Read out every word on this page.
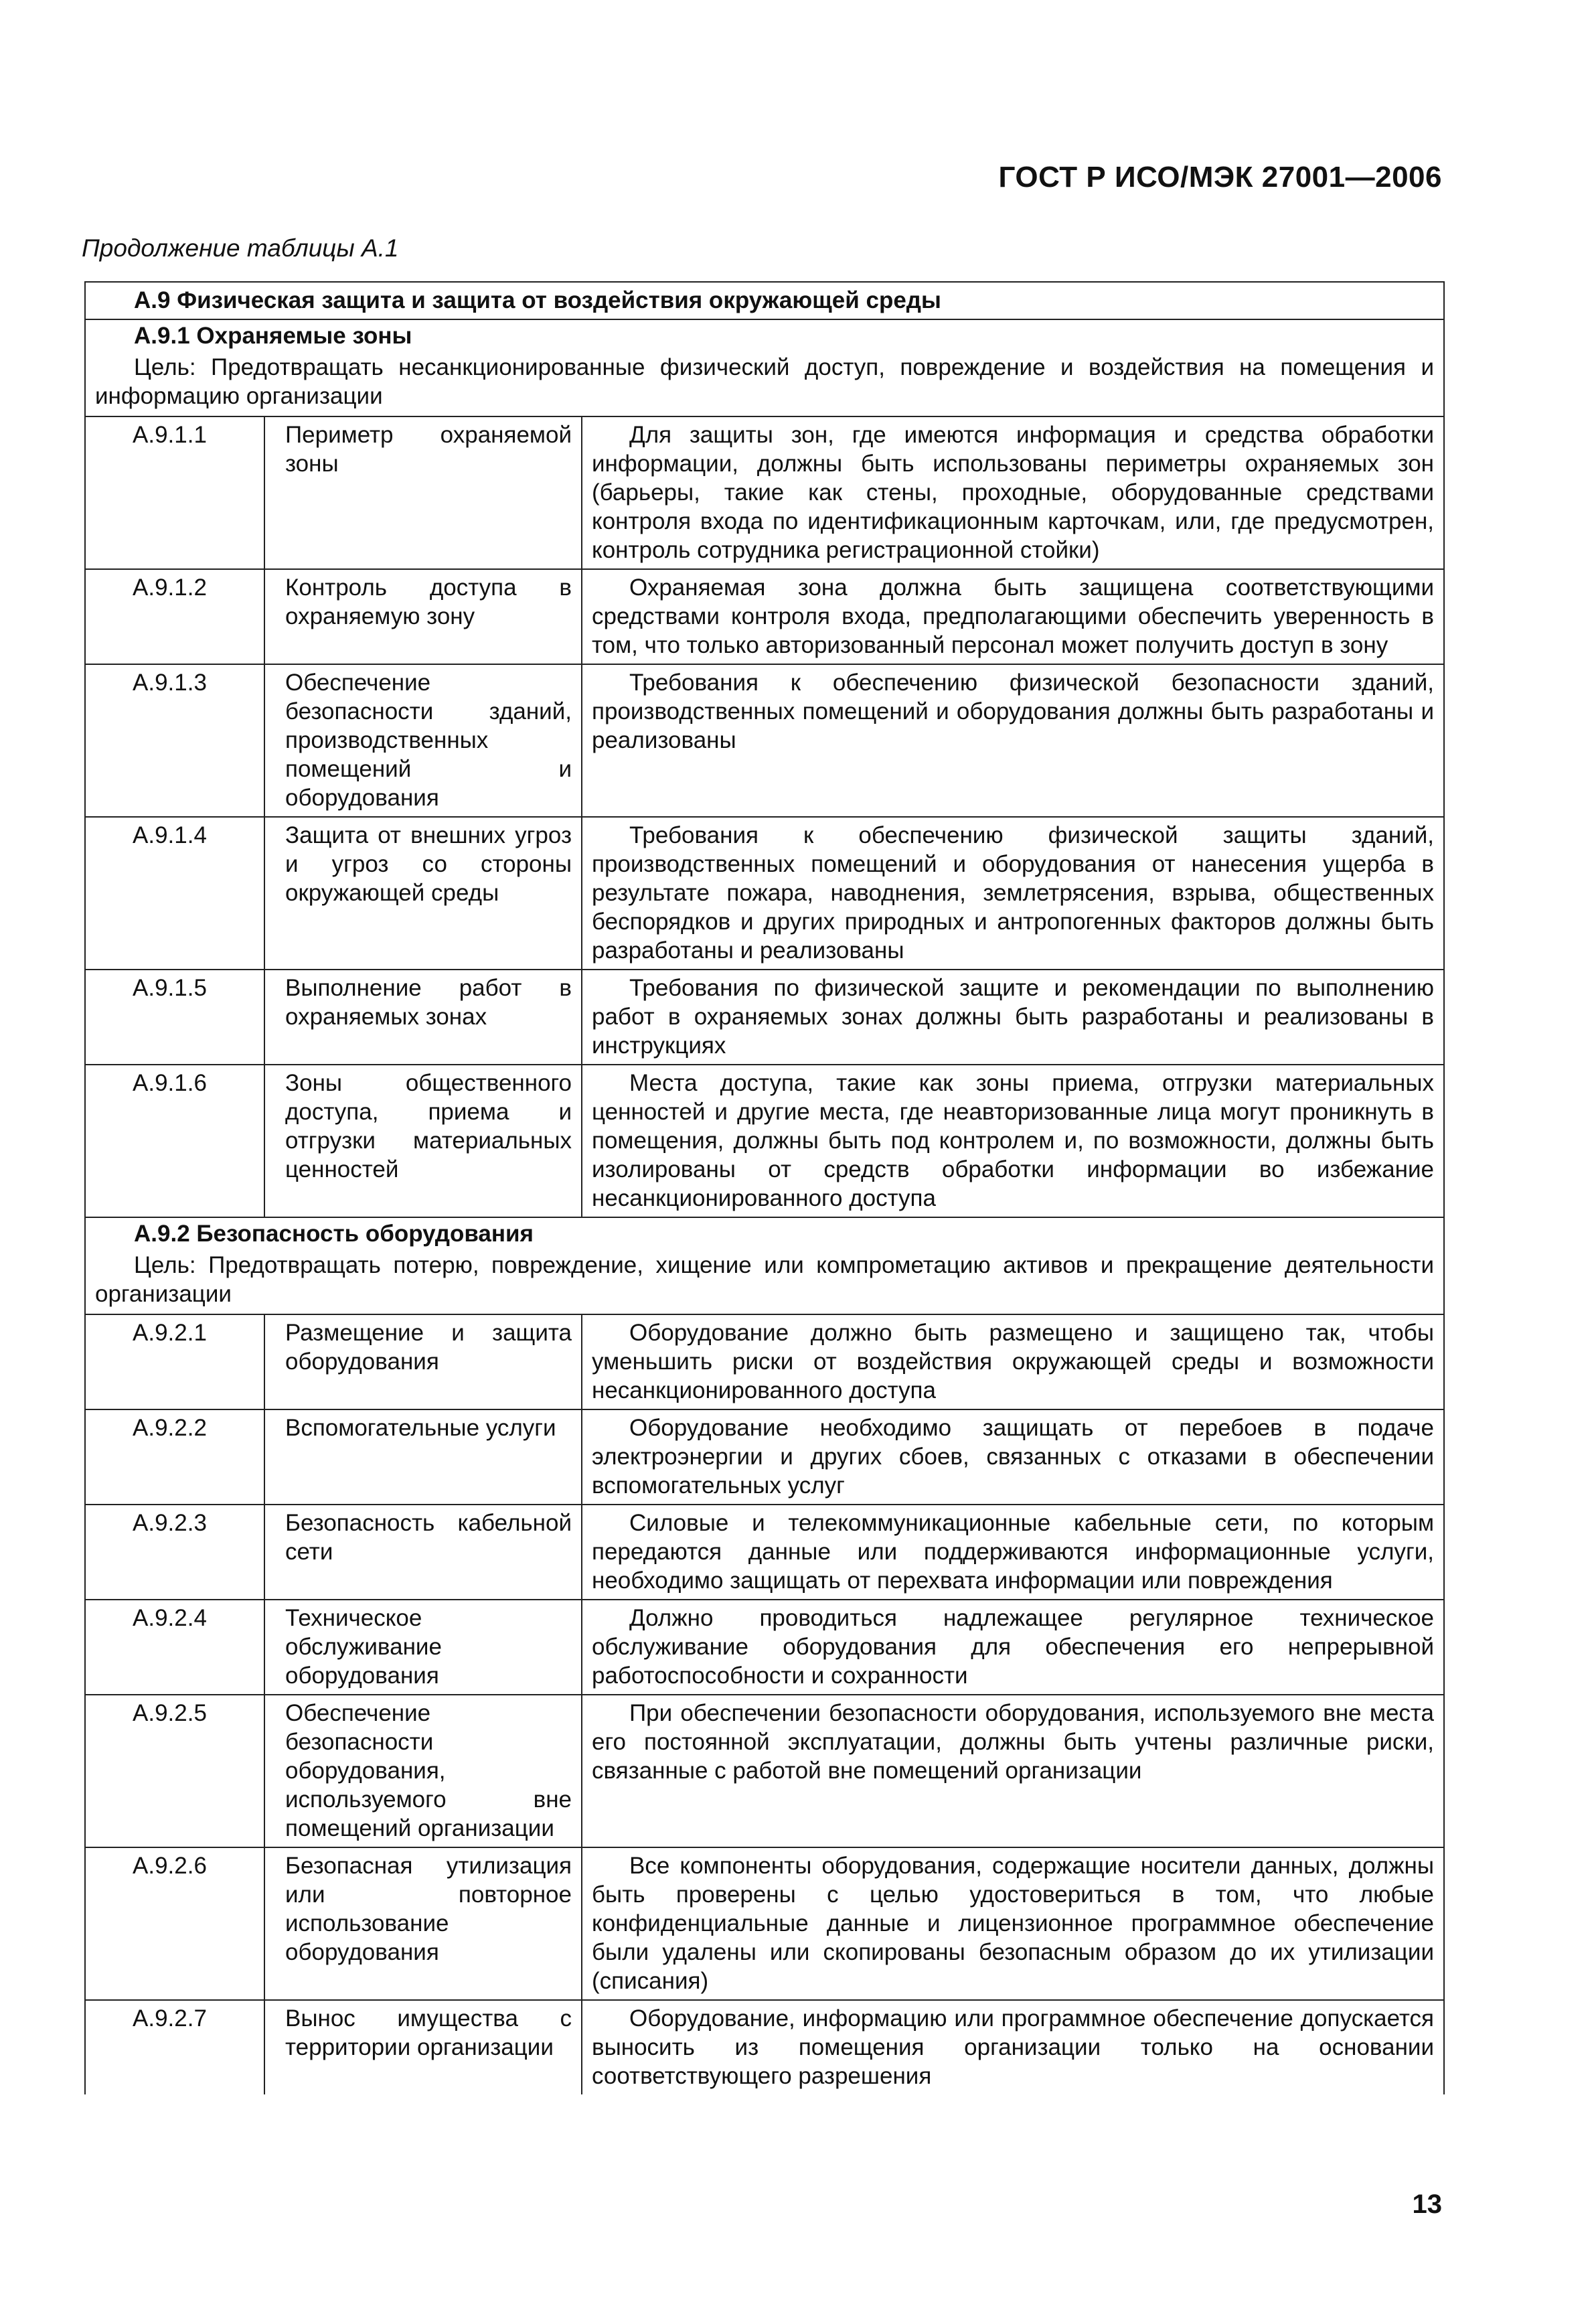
ГОСТ Р ИСО/МЭК 27001—2006
Продолжение таблицы А.1
А.9 Физическая защита и защита от воздействия окружающей среды		
А.9.1 Охраняемые зоны		
Цель: Предотвращать несанкционированные физический доступ, повреждение и воздействия на помещения и информацию организации		
А.9.1.1	Периметр охраняемой зоны	Для защиты зон, где имеются информация и средства обработки информации, должны быть использованы периметры охраняемых зон (барьеры, такие как стены, проходные, оборудованные средствами контроля входа по идентификационным карточкам, или, где предусмотрен, контроль сотрудника регистрационной стойки)
А.9.1.2	Контроль доступа в охраняемую зону	Охраняемая зона должна быть защищена соответствующими средствами контроля входа, предполагающими обеспечить уверенность в том, что только авторизованный персонал может получить доступ в зону
А.9.1.3	Обеспечение безопасности зданий, производственных помещений и оборудования	Требования к обеспечению физической безопасности зданий, производственных помещений и оборудования должны быть разработаны и реализованы
А.9.1.4	Защита от внешних угроз и угроз со стороны окружающей среды	Требования к обеспечению физической защиты зданий, производственных помещений и оборудования от нанесения ущерба в результате пожара, наводнения, землетрясения, взрыва, общественных беспорядков и других природных и антропогенных факторов должны быть разработаны и реализованы
А.9.1.5	Выполнение работ в охраняемых зонах	Требования по физической защите и рекомендации по выполнению работ в охраняемых зонах должны быть разработаны и реализованы в инструкциях
А.9.1.6	Зоны общественного доступа, приема и отгрузки материальных ценностей	Места доступа, такие как зоны приема, отгрузки материальных ценностей и другие места, где неавторизованные лица могут проникнуть в помещения, должны быть под контролем и, по возможности, должны быть изолированы от средств обработки информации во избежание несанкционированного доступа
А.9.2 Безопасность оборудования		
Цель: Предотвращать потерю, повреждение, хищение или компрометацию активов и прекращение деятельности организации		
А.9.2.1	Размещение и защита оборудования	Оборудование должно быть размещено и защищено так, чтобы уменьшить риски от воздействия окружающей среды и возможности несанкционированного доступа
А.9.2.2	Вспомогательные услуги	Оборудование необходимо защищать от перебоев в подаче электроэнергии и других сбоев, связанных с отказами в обеспечении вспомогательных услуг
А.9.2.3	Безопасность кабельной сети	Силовые и телекоммуникационные кабельные сети, по которым передаются данные или поддерживаются информационные услуги, необходимо защищать от перехвата информации или повреждения
А.9.2.4	Техническое обслуживание оборудования	Должно проводиться надлежащее регулярное техническое обслуживание оборудования для обеспечения его непрерывной работоспособности и сохранности
А.9.2.5	Обеспечение безопасности оборудования, используемого вне помещений организации	При обеспечении безопасности оборудования, используемого вне места его постоянной эксплуатации, должны быть учтены различные риски, связанные с работой вне помещений организации
А.9.2.6	Безопасная утилизация или повторное использование оборудования	Все компоненты оборудования, содержащие носители данных, должны быть проверены с целью удостовериться в том, что любые конфиденциальные данные и лицензионное программное обеспечение были удалены или скопированы безопасным образом до их утилизации (списания)
А.9.2.7	Вынос имущества с территории организации	Оборудование, информацию или программное обеспечение допускается выносить из помещения организации только на основании соответствующего разрешения
13
